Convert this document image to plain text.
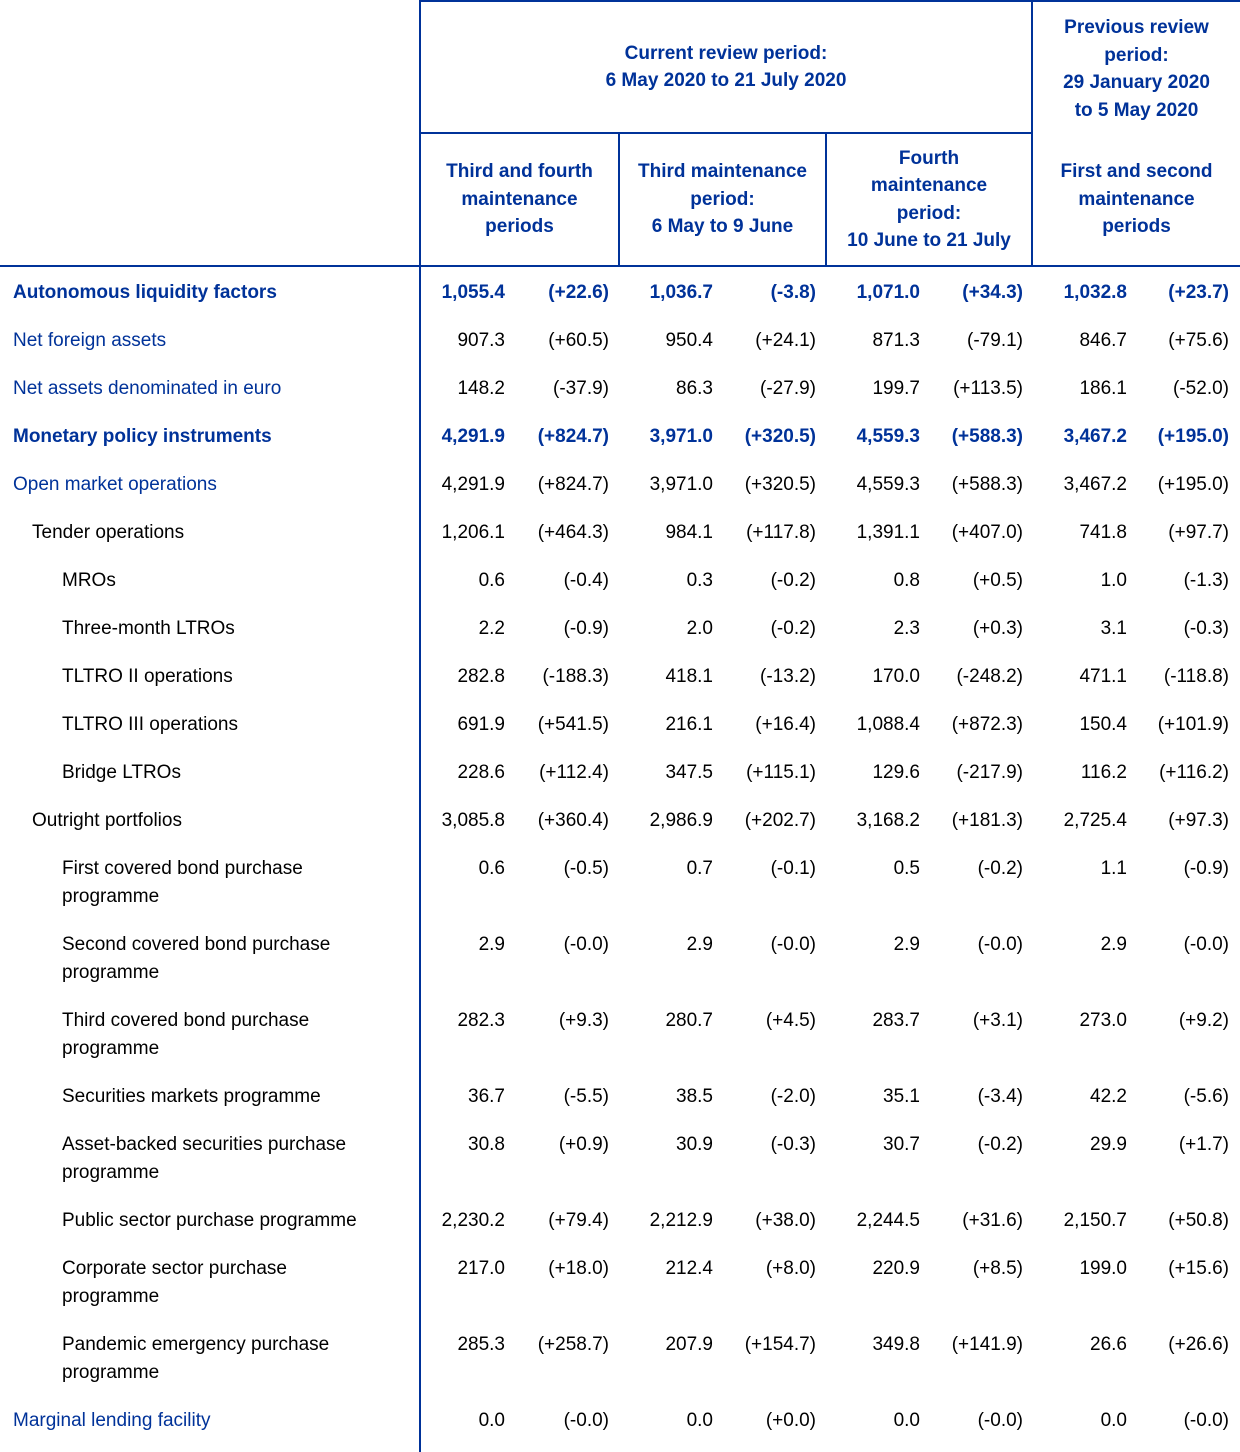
Current review period:
6 May 2020 to 21 July 2020
Previous review
period:
29 January 2020
to 5 May 2020
Third and fourth
maintenance
periods
Third maintenance
period:
6 May to 9 June
Fourth
maintenance
period:
10 June to 21 July
First and second
maintenance
periods
Autonomous liquidity factors	1,055.4 (+22.6) 1,036.7	(-3.8) 1,071.0 (+34.3) 1,032.8 (+23.7)
Net foreign assets	907.3 (+60.5)	950.4 (+24.1)	871.3 (-79.1)	846.7 (+75.6)
Net assets denominated in euro	148.2	(-37.9)	86.3 (-27.9)	199.7 (+113.5)	186.1 (-52.0)
Monetary policy instruments	4,291.9 (+824.7) 3,971.0 (+320.5) 4,559.3 (+588.3) 3,467.2 (+195.0)
Open market operations	4,291.9 (+824.7) 3,971.0 (+320.5) 4,559.3 (+588.3) 3,467.2 (+195.0)
Tender operations	1,206.1 (+464.3)	984.1 (+117.8) 1,391.1 (+407.0)	741.8 (+97.7)
MROs	0.6	(-0.4)	0.3	(-0.2)	0.8	(+0.5)	1.0	(-1.3)
Three-month LTROs	2.2	(-0.9)	2.0	(-0.2)	2.3	(+0.3)	3.1	(-0.3)
TLTRO II operations	282.8 (-188.3)	418.1 (-13.2)	170.0 (-248.2)	471.1 (-118.8)
TLTRO III operations	691.9 (+541.5)	216.1 (+16.4) 1,088.4 (+872.3)	150.4 (+101.9)
Bridge LTROs	228.6 (+112.4)	347.5 (+115.1)	129.6 (-217.9)	116.2 (+116.2)
Outright portfolios	3,085.8 (+360.4) 2,986.9 (+202.7) 3,168.2 (+181.3) 2,725.4 (+97.3)
First covered bond purchase
programme
0.6	(-0.5)	0.7	(-0.1)	0.5	(-0.2)	1.1	(-0.9)
Second covered bond purchase
programme
2.9	(-0.0)	2.9	(-0.0)	2.9	(-0.0)	2.9	(-0.0)
Third covered bond purchase
programme
282.3	(+9.3)	280.7	(+4.5)	283.7	(+3.1)	273.0	(+9.2)
Securities markets programme	36.7	(-5.5)	38.5	(-2.0)	35.1	(-3.4)	42.2	(-5.6)
Asset-backed securities purchase
programme
30.8	(+0.9)	30.9	(-0.3)	30.7	(-0.2)	29.9	(+1.7)
Public sector purchase programme	2,230.2 (+79.4) 2,212.9 (+38.0) 2,244.5 (+31.6) 2,150.7 (+50.8)
Corporate sector purchase
programme
217.0 (+18.0)	212.4	(+8.0)	220.9	(+8.5)	199.0 (+15.6)
Pandemic emergency purchase
programme
285.3 (+258.7)	207.9 (+154.7)	349.8 (+141.9)	26.6 (+26.6)
Marginal lending facility	0.0	(-0.0)	0.0	(+0.0)	0.0	(-0.0)	0.0	(-0.0)
